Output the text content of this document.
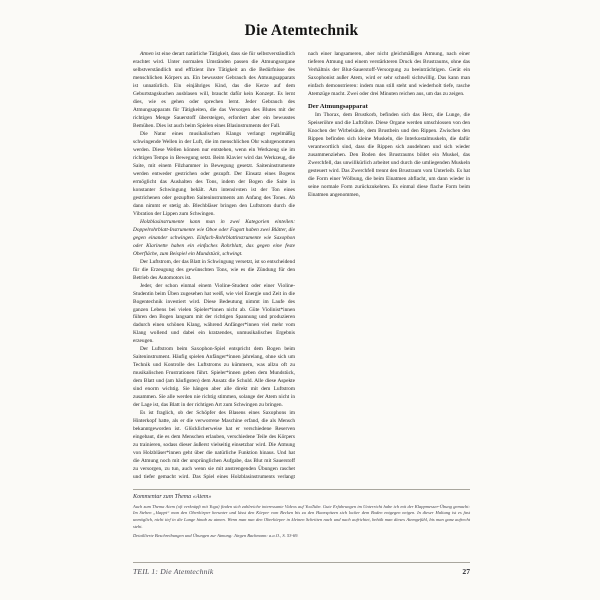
Die Atemtechnik

Atmen ist eine derart natürliche Tätigkeit, dass sie für selbstverständlich erachtet wird. Unter normalen Umständen passen die Atmungsorgane selbstverständlich und effizient ihre Tätigkeit an die Bedürfnisse des menschlichen Körpers an. Ein bewusster Gebrauch des Atmungsapparats ist unnatürlich. Ein einjähriges Kind, das die Kerze auf dem Geburtstagskuchen ausblasen will, braucht dafür kein Konzept. Es lernt dies, wie es gehen oder sprechen lernt. Jeder Gebrauch des Atmungsapparats für Tätigkeiten, die das Versorgen des Blutes mit der richtigen Menge Sauerstoff übersteigen, erfordert aber ein bewusstes Bemühen. Dies ist auch beim Spielen eines Blasinstruments der Fall.

Die Natur eines musikalischen Klangs verlangt regelmäßig schwingende Wellen in der Luft, die im menschlichen Ohr wahrgenommen werden. Diese Wellen können nur entstehen, wenn ein Werkzeug sie im richtigen Tempo in Bewegung setzt. Beim Klavier wird das Werkzeug, die Saite, mit einem Filzhammer in Bewegung gesetzt. Saiteninstrumente werden entweder gestrichen oder gezupft. Der Einsatz eines Bogens ermöglicht das Aushalten des Tons, indem der Bogen die Saite in konstanter Schwingung behält. Am intensivsten ist der Ton eines gestrichenen oder gezupften Saiteninstruments am Anfang des Tones. Ab dann nimmt er stetig ab. Blechbläser bringen den Luftstrom durch die Vibration der Lippen zum Schwingen.

Holzblasinstrumente kann man in zwei Kategorien einteilen: Doppelrohrblatt-Instrumente wie Oboe oder Fagott haben zwei Blätter, die gegen einander schwingen. Einfach-Rohrblattinstrumente wie Saxophon oder Klarinette haben ein einfaches Rohrblatt, das gegen eine feste Oberfläche, zum Beispiel ein Mundstück, schwingt.

Der Luftstrom, der das Blatt in Schwingung versetzt, ist so entscheidend für die Erzeugung des gewünschten Tons, wie es die Zündung für den Betrieb des Automotors ist.

Jeder, der schon einmal einem Violine-Student oder einer Violine-Studentin beim Üben zugesehen hat weiß, wie viel Energie und Zeit in die Bogentechnik investiert wird. Diese Bedeutung nimmt im Laufe des ganzen Lebens bei vielen Spieler*innen nicht ab. Güte Violinist*innen führen den Bogen langsam mit der richtigen Spannung und produzieren dadurch einen schönen Klang, während Anfänger*innen viel mehr vom Klang wollend und dabei ein kratzendes, unmusikalisches Ergebnis erzeugen.

Der Luftstrom beim Saxophon-Spiel entspricht dem Bogen beim Saiteninstrument. Häufig spielen Anfänger*innen jahrelang, ohne sich um Technik und Kontrolle des Luftstroms zu kümmern, was allzu oft zu musikalischen Frustrationen führt. Spieler*innen geben dem Mundstück, dem Blatt und (am häufigsten) dem Ansatz die Schuld. Alle diese Aspekte sind enorm wichtig. Sie hängen aber alle direkt mit dem Luftstrom zusammen. Sie alle werden nie richtig stimmen, solange der Atem nicht in der Lage ist, das Blatt in der richtigen Art zum Schwingen zu bringen.

Es ist fraglich, ob der Schöpfer des Blasens eines Saxophons im Hinterkopf hatte, als er die verworrene Maschine erfand, die als Mensch bekanntgeworden ist. Glücklicherweise hat er verschiedene Reserven eingebaut, die es dem Menschen erlauben, verschiedene Teile des Körpers zu trainieren, sodass dieser äußerst vielseitig einsetzbar wird. Die Atmung von Holzbläser*innen geht über die natürliche Funktion hinaus. Und hat die Atmung noch mit der ursprünglichen Aufgabe, das Blut mit Sauerstoff zu versorgen, zu tun, auch wenn sie mit anstrengenden Übungen raschet und tiefer gemacht wird. Das Spiel eines Holzblasinstruments verlangt nach einer langsameren, aber nicht gleichmäßigen Atmung, nach einer tieferen Atmung und einem verstärkteren Druck des Brustraums, ohne das Verhältnis der Blut-Sauerstoff-Versorgung zu beeinträchtigen. Gerät ein Saxophonist außer Atem, wird er sehr schnell sichtwillig. Das kann man einfach demonstrieren: indem man still steht und wiederholt tiefe, rasche Atemzüge macht. Zwei oder drei Minuten reichen aus, um das zu zeigen.

Der Atmungsapparat

Im Thorax, dem Brustkorb, befinden sich das Herz, die Lunge, die Speiseröhre und die Luftröhre. Diese Organe werden umschlossen von den Knochen der Wirbelsäule, dem Brustbein und den Rippen. Zwischen den Rippen befinden sich kleine Muskeln, die Interkostalmuskeln, die dafür verantwortlich sind, dass die Rippen sich ausdehnen und sich wieder zusammenziehen. Den Boden des Brustraums bildet ein Muskel, das Zwerchfell, das unwillkürlich arbeitet und durch die umliegenden Muskeln gesteuert wird. Das Zwerchfell trennt den Brustraum vom Unterleib. Es hat die Form einer Wölbung, die beim Einatmen abflacht, um dann wieder in seine normale Form zurückzukehren. Es einmal diese flache Form beim Einatmen angenommen,

Kommentar zum Thema «Atem»

Auch zum Thema Atem (oft verknüpft mit Yoga) finden sich zahlreiche interessante Videos auf YouTube. Gute Erfahrungen im Unterricht habe ich mit der Klappmesser-Übung gemacht: Im Stehen „klappt“ man den Oberkörper herunter und lässt den Körper vom Becken bis zu den Haarspitzen sich locker dem Boden entgegen neigen. In dieser Haltung ist es fast unmöglich, nicht tief in die Lunge hinab zu atmen. Wenn man nun den Oberkörper in kleinen Schritten nach und nach aufrichtet, behält man dieses Atemgefühl, bis man ganz aufrecht steht.

Detaillierte Beschreibungen und Übungen zur Atmung: Jürgen Bachmann: a.a.O., S. 53-69.

TEIL 1: Die Atemtechnik	27
